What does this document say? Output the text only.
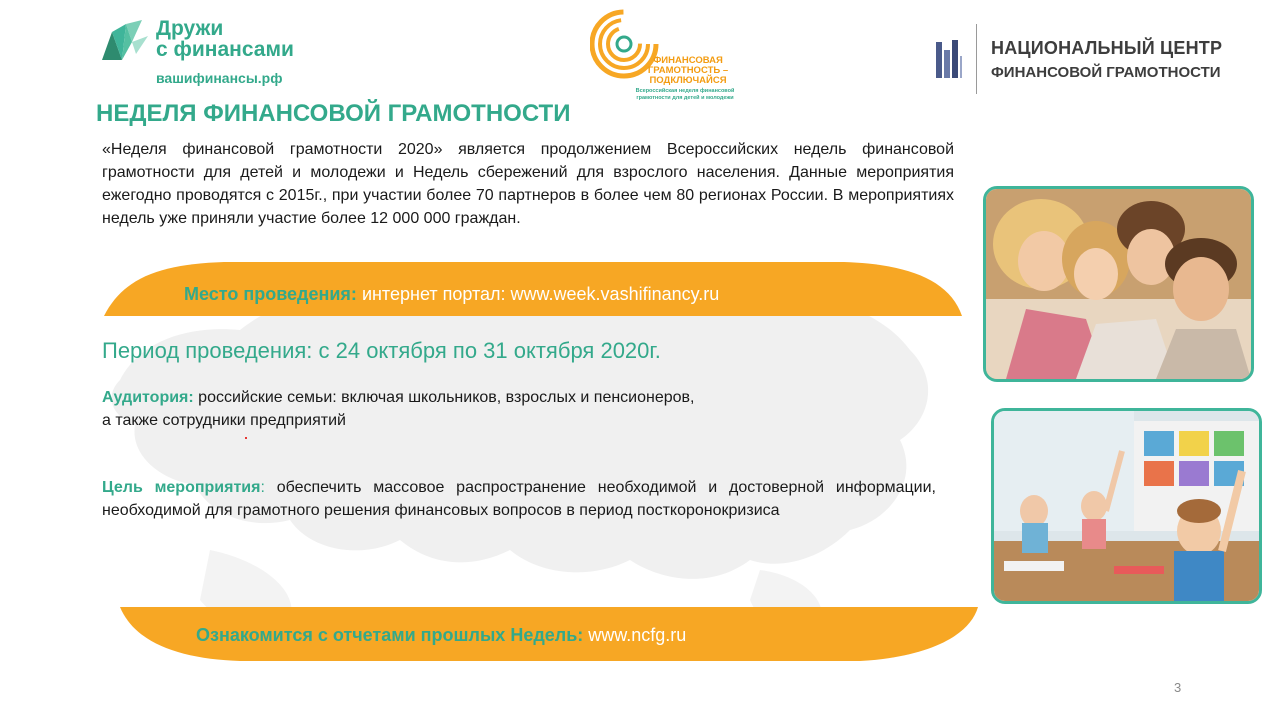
Дружи
с финансами
вашифинансы.рф
ФИНАНСОВАЯ
ГРАМОТНОСТЬ –
ПОДКЛЮЧАЙСЯ
Всероссийская неделя финансовой
грамотности для детей и молодежи
НАЦИОНАЛЬНЫЙ ЦЕНТР
ФИНАНСОВОЙ ГРАМОТНОСТИ
НЕДЕЛЯ ФИНАНСОВОЙ ГРАМОТНОСТИ

«Неделя финансовой грамотности 2020» является продолжением Всероссийских недель финансовой грамотности для детей и молодежи и Недель сбережений для взрослого населения. Данные мероприятия ежегодно проводятся с 2015г., при участии более 70 партнеров в более чем 80 регионах России. В мероприятиях недель уже приняли участие более 12 000 000 граждан.

Место проведения: интернет портал: www.week.vashifinancy.ru
Период проведения: с 24 октября по 31 октября 2020г.
Аудитория: российские семьи: включая школьников, взрослых и пенсионеров,
а также сотрудники предприятий

Цель мероприятия: обеспечить массовое распространение необходимой и достоверной информации, необходимой для грамотного решения финансовых вопросов в период посткоронокризиса

Ознакомится с отчетами прошлых Недель: www.ncfg.ru
3
